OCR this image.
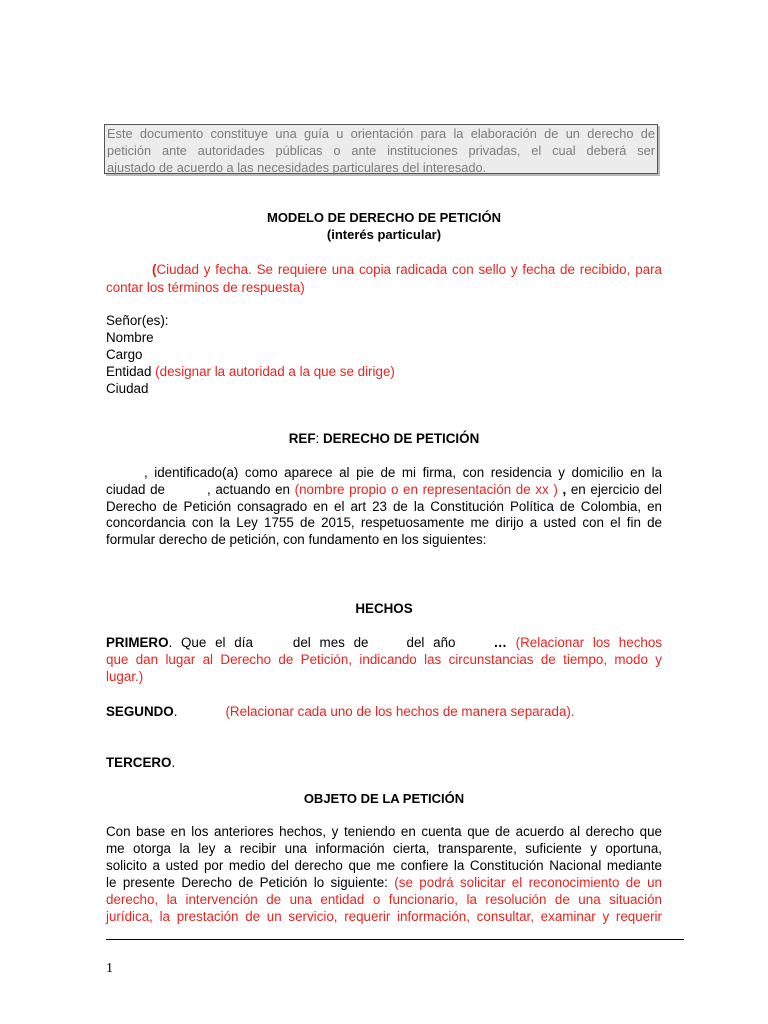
Este documento constituye una guía u orientación para la elaboración de un derecho de
petición ante autoridades públicas o ante instituciones privadas, el cual deberá ser
ajustado de acuerdo a las necesidades particulares del interesado.
MODELO DE DERECHO DE PETICIÓN
(interés particular)
(Ciudad y fecha. Se requiere una copia radicada con sello y fecha de recibido, para
contar los términos de respuesta)
Señor(es):
Nombre
Cargo
Entidad (designar la autoridad a la que se dirige)
Ciudad
REF: DERECHO DE PETICIÓN
, identificado(a) como aparece al pie de mi firma, con residencia y domicilio en la
ciudad de	, actuando en (nombre propio o en representación de xx ) , en ejercicio del
Derecho de Petición consagrado en el art 23 de la Constitución Política de Colombia, en
concordancia con la Ley 1755 de 2015, respetuosamente me dirijo a usted con el fin de
formular derecho de petición, con fundamento en los siguientes:
HECHOS
PRIMERO. Que el día	del mes de	del año	… (Relacionar los hechos
que dan lugar al Derecho de Petición, indicando las circunstancias de tiempo, modo y
lugar.)
SEGUNDO.	(Relacionar cada uno de los hechos de manera separada).
TERCERO.
OBJETO DE LA PETICIÓN
Con base en los anteriores hechos, y teniendo en cuenta que de acuerdo al derecho que
me otorga la ley a recibir una información cierta, transparente, suficiente y oportuna,
solicito a usted por medio del derecho que me confiere la Constitución Nacional mediante
le presente Derecho de Petición lo siguiente: (se podrá solicitar el reconocimiento de un
derecho, la intervención de una entidad o funcionario, la resolución de una situación
jurídica, la prestación de un servicio, requerir información, consultar, examinar y requerir
1
